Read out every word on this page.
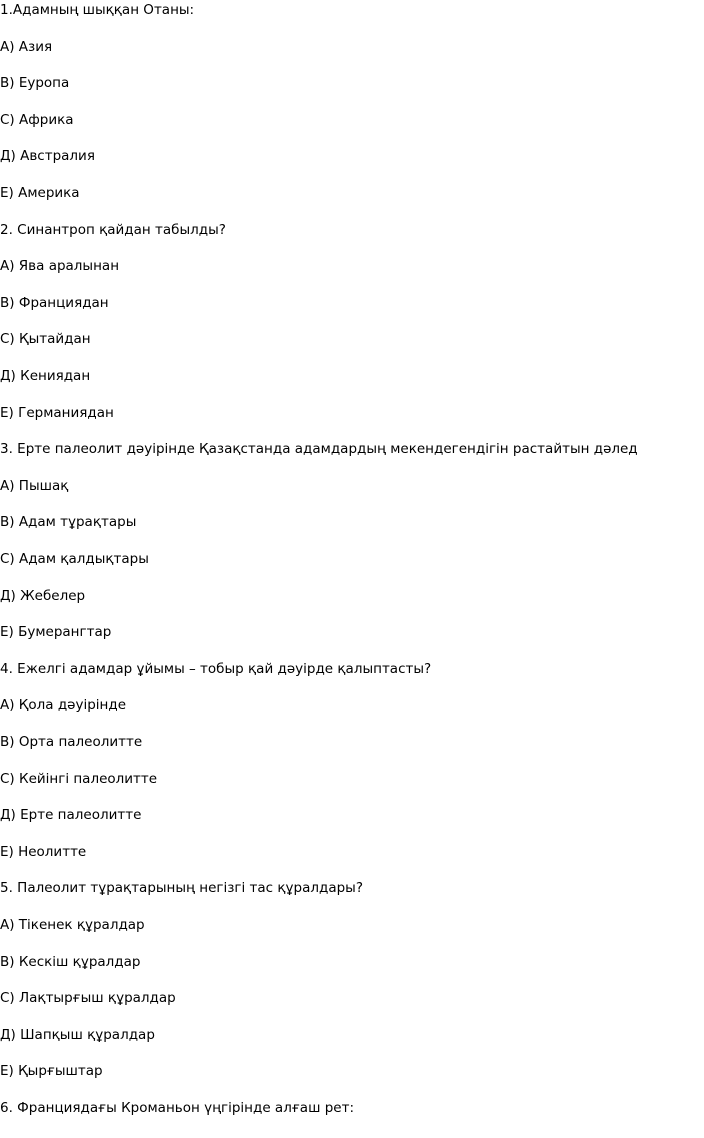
1.Адамның шыққан Отаны:
А) Азия
В) Еуропа
С) Африка
Д) Австралия
Е) Америка
2. Синантроп қайдан табылды?
А) Ява аралынан
В) Франциядан
С) Қытайдан
Д) Кениядан
Е) Германиядан
3. Ерте палеолит дәуірінде Қазақстанда адамдардың мекендегендігін растайтын дәлед
А) Пышақ
В) Адам тұрақтары
С) Адам қалдықтары
Д) Жебелер
Е) Бумерангтар
4. Ежелгі адамдар ұйымы – тобыр қай дәуірде қалыптасты?
А) Қола дәуірінде
В) Орта палеолитте
С) Кейінгі палеолитте
Д) Ерте палеолитте
Е) Неолитте
5. Палеолит тұрақтарының негізгі тас құралдары?
А) Тікенек құралдар
В) Кескіш құралдар
С) Лақтырғыш құралдар
Д) Шапқыш құралдар
Е) Қырғыштар
6. Франциядағы Кроманьон үңгірінде алғаш рет:
